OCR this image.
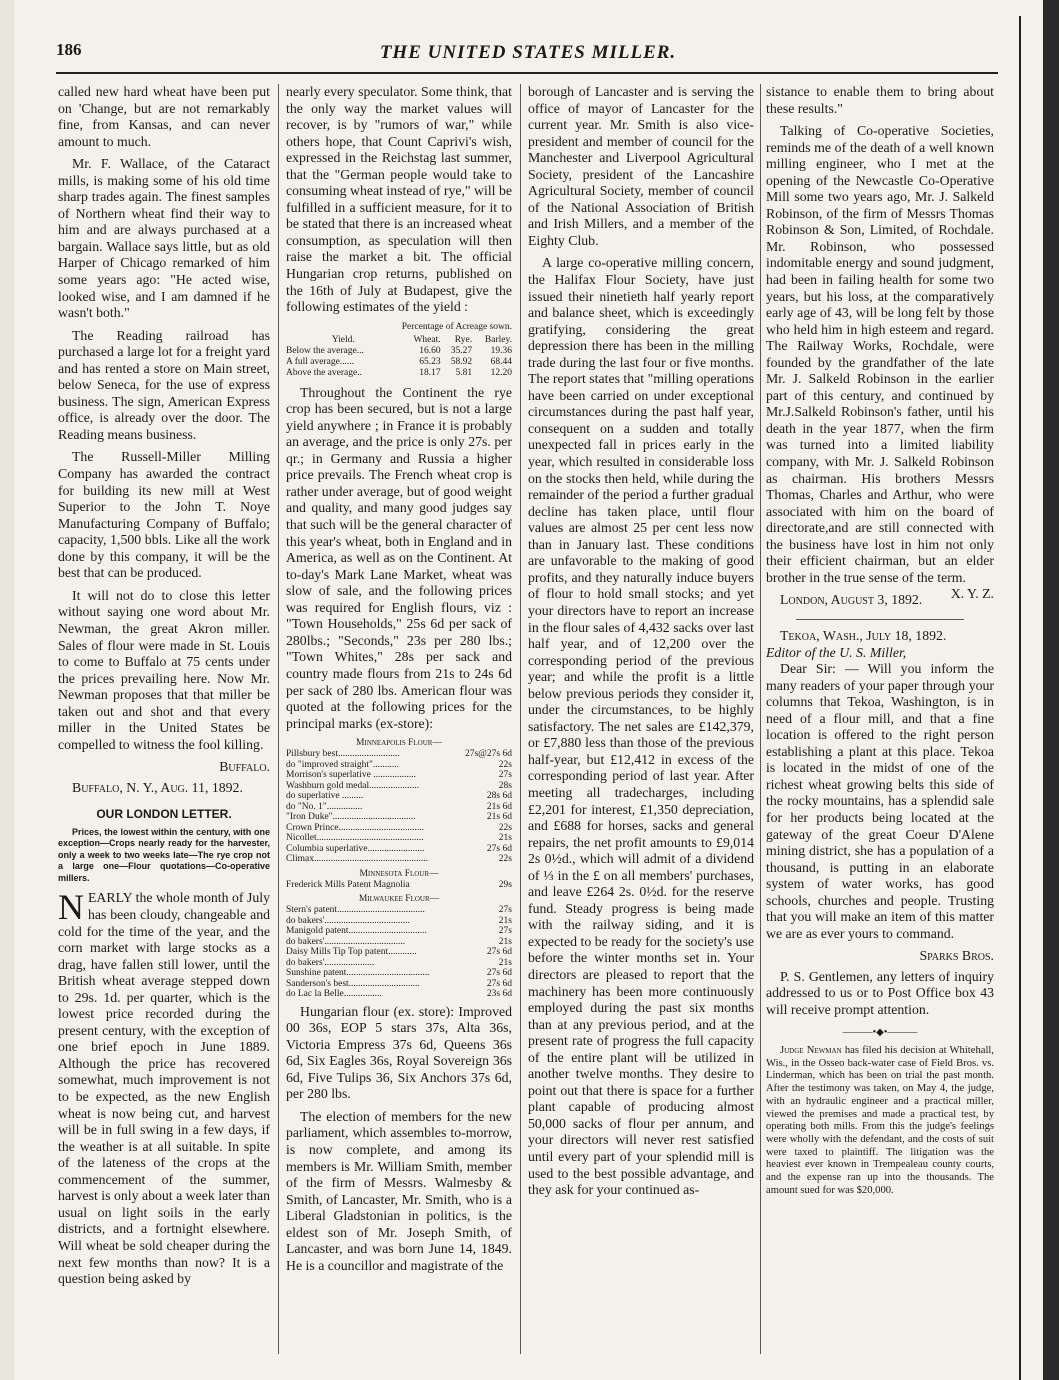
186	THE UNITED STATES MILLER.

called new hard wheat have been put on 'Change, but are not remarkably fine, from Kansas, and can never amount to much.

Mr. F. Wallace, of the Cataract mills, is making some of his old time sharp trades again. The finest samples of Northern wheat find their way to him and are always purchased at a bargain. Wallace says little, but as old Harper of Chicago remarked of him some years ago: "He acted wise, looked wise, and I am damned if he wasn't both."

The Reading railroad has purchased a large lot for a freight yard and has rented a store on Main street, below Seneca, for the use of express business. The sign, American Express office, is already over the door. The Reading means business.

The Russell-Miller Milling Company has awarded the contract for building its new mill at West Superior to the John T. Noye Manufacturing Company of Buffalo; capacity, 1,500 bbls. Like all the work done by this company, it will be the best that can be produced.

It will not do to close this letter without saying one word about Mr. Newman, the great Akron miller. Sales of flour were made in St. Louis to come to Buffalo at 75 cents under the prices prevailing here. Now Mr. Newman proposes that that miller be taken out and shot and that every miller in the United States be compelled to witness the fool killing.

Buffalo.
Buffalo, N. Y., Aug. 11, 1892.
OUR LONDON LETTER.

Prices, the lowest within the century, with one exception—Crops nearly ready for the harvester, only a week to two weeks late—The rye crop not a large one—Flour quotations—Co-operative millers.

NEARLY the whole month of July has been cloudy, changeable and cold for the time of the year, and the corn market with large stocks as a drag, have fallen still lower, until the British wheat average stepped down to 29s. 1d. per quarter, which is the lowest price recorded during the present century, with the exception of one brief epoch in June 1889. Although the price has recovered somewhat, much improvement is not to be expected, as the new English wheat is now being cut, and harvest will be in full swing in a few days, if the weather is at all suitable. In spite of the lateness of the crops at the commencement of the summer, harvest is only about a week later than usual on light soils in the early districts, and a fortnight elsewhere. Will wheat be sold cheaper during the next few months than now? It is a question being asked by

nearly every speculator. Some think, that the only way the market values will recover, is by "rumors of war," while others hope, that Count Caprivi's wish, expressed in the Reichstag last summer, that the "German people would take to consuming wheat instead of rye," will be fulfilled in a sufficient measure, for it to be stated that there is an increased wheat consumption, as speculation will then raise the market a bit. The official Hungarian crop returns, published on the 16th of July at Budapest, give the following estimates of the yield :

Percentage of Acreage sown.
Yield.	Wheat.	Rye.	Barley.
Below the average...	16.60	35.27	19.36
A full average......	65.23	58.92	68.44
Above the average..	18.17	5.81	12.20

Throughout the Continent the rye crop has been secured, but is not a large yield anywhere ; in France it is probably an average, and the price is only 27s. per qr.; in Germany and Russia a higher price prevails. The French wheat crop is rather under average, but of good weight and quality, and many good judges say that such will be the general character of this year's wheat, both in England and in America, as well as on the Continent. At to-day's Mark Lane Market, wheat was slow of sale, and the following prices was required for English flours, viz : "Town Households," 25s 6d per sack of 280lbs.; "Seconds," 23s per 280 lbs.; "Town Whites," 28s per sack and country made flours from 21s to 24s 6d per sack of 280 lbs. American flour was quoted at the following prices for the principal marks (ex-store):

Minneapolis Flour—
Pillsbury best..........................	27s@27s 6d
do "improved straight"...........	22s
Morrison's superlative ..................	27s
Washburn gold medal.....................	28s
do superlative .........	28s 6d
do "No. 1"...............	21s 6d
"Iron Duke"...................................	21s 6d
Crown Prince....................................	22s
Nicollet.............................................	21s
Columbia superlative........................	27s 6d
Climax................................................	22s
Minnesota Flour—
Frederick Mills Patent Magnolia	29s
Milwaukee Flour—
Stern's patent.....................................	27s
do bakers'....................................	21s
Manigold patent.................................	27s
do bakers'..................................	21s
Daisy Mills Tip Top patent............	27s 6d
do bakers'.....................	21s
Sunshine patent...................................	27s 6d
Sanderson's best..............................	27s 6d
do Lac la Belle................	23s 6d

Hungarian flour (ex. store): Improved 00 36s, EOP 5 stars 37s, Alta 36s, Victoria Empress 37s 6d, Queens 36s 6d, Six Eagles 36s, Royal Sovereign 36s 6d, Five Tulips 36, Six Anchors 37s 6d, per 280 lbs.

The election of members for the new parliament, which assembles to-morrow, is now complete, and among its members is Mr. William Smith, member of the firm of Messrs. Walmesby & Smith, of Lancaster, Mr. Smith, who is a Liberal Gladstonian in politics, is the eldest son of Mr. Joseph Smith, of Lancaster, and was born June 14, 1849. He is a councillor and magistrate of the

borough of Lancaster and is serving the office of mayor of Lancaster for the current year. Mr. Smith is also vice-president and member of council for the Manchester and Liverpool Agricultural Society, president of the Lancashire Agricultural Society, member of council of the National Association of British and Irish Millers, and a member of the Eighty Club.

A large co-operative milling concern, the Halifax Flour Society, have just issued their ninetieth half yearly report and balance sheet, which is exceedingly gratifying, considering the great depression there has been in the milling trade during the last four or five months. The report states that "milling operations have been carried on under exceptional circumstances during the past half year, consequent on a sudden and totally unexpected fall in prices early in the year, which resulted in considerable loss on the stocks then held, while during the remainder of the period a further gradual decline has taken place, until flour values are almost 25 per cent less now than in January last. These conditions are unfavorable to the making of good profits, and they naturally induce buyers of flour to hold small stocks; and yet your directors have to report an increase in the flour sales of 4,432 sacks over last half year, and of 12,200 over the corresponding period of the previous year; and while the profit is a little below previous periods they consider it, under the circumstances, to be highly satisfactory. The net sales are £142,379, or £7,880 less than those of the previous half-year, but £12,412 in excess of the corresponding period of last year. After meeting all tradecharges, including £2,201 for interest, £1,350 depreciation, and £688 for horses, sacks and general repairs, the net profit amounts to £9,014 2s 0½d., which will admit of a dividend of ⅓ in the £ on all members' purchases, and leave £264 2s. 0½d. for the reserve fund. Steady progress is being made with the railway siding, and it is expected to be ready for the society's use before the winter months set in. Your directors are pleased to report that the machinery has been more continuously employed during the past six months than at any previous period, and at the present rate of progress the full capacity of the entire plant will be utilized in another twelve months. They desire to point out that there is space for a further plant capable of producing almost 50,000 sacks of flour per annum, and your directors will never rest satisfied until every part of your splendid mill is used to the best possible advantage, and they ask for your continued as-

sistance to enable them to bring about these results."

Talking of Co-operative Societies, reminds me of the death of a well known milling engineer, who I met at the opening of the Newcastle Co-Operative Mill some two years ago, Mr. J. Salkeld Robinson, of the firm of Messrs Thomas Robinson & Son, Limited, of Rochdale. Mr. Robinson, who possessed indomitable energy and sound judgment, had been in failing health for some two years, but his loss, at the comparatively early age of 43, will be long felt by those who held him in high esteem and regard. The Railway Works, Rochdale, were founded by the grandfather of the late Mr. J. Salkeld Robinson in the earlier part of this century, and continued by Mr.J.Salkeld Robinson's father, until his death in the year 1877, when the firm was turned into a limited liability company, with Mr. J. Salkeld Robinson as chairman. His brothers Messrs Thomas, Charles and Arthur, who were associated with him on the board of directorate,and are still connected with the business have lost in him not only their efficient chairman, but an elder brother in the true sense of the term.
X. Y. Z.

London, August 3, 1892.
Tekoa, Wash., July 18, 1892.

Editor of the U. S. Miller,

Dear Sir: — Will you inform the many readers of your paper through your columns that Tekoa, Washington, is in need of a flour mill, and that a fine location is offered to the right person establishing a plant at this place. Tekoa is located in the midst of one of the richest wheat growing belts this side of the rocky mountains, has a splendid sale for her products being located at the gateway of the great Coeur D'Alene mining district, she has a population of a thousand, is putting in an elaborate system of water works, has good schools, churches and people. Trusting that you will make an item of this matter we are as ever yours to command.

Sparks Bros.

P. S. Gentlemen, any letters of inquiry addressed to us or to Post Office box 43 will receive prompt attention.

———•◆•———

Judge Newman has filed his decision at Whitehall, Wis., in the Osseo back-water case of Field Bros. vs. Linderman, which has been on trial the past month. After the testimony was taken, on May 4, the judge, with an hydraulic engineer and a practical miller, viewed the premises and made a practical test, by operating both mills. From this the judge's feelings were wholly with the defendant, and the costs of suit were taxed to plaintiff. The litigation was the heaviest ever known in Trempealeau county courts, and the expense ran up into the thousands. The amount sued for was $20,000.
